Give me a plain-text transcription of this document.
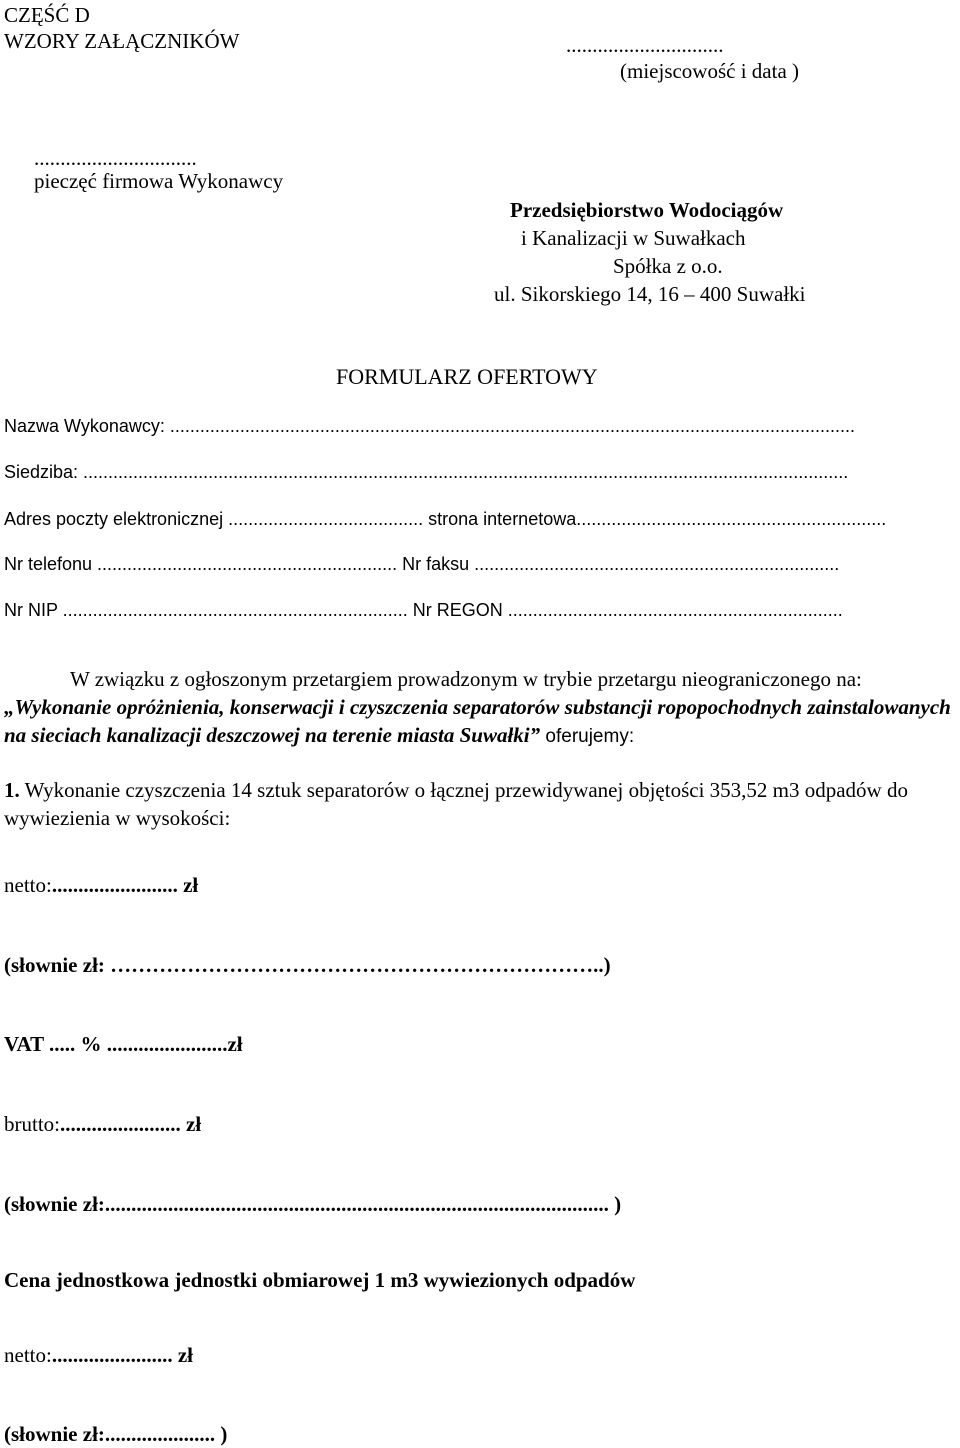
CZĘŚĆ D
WZORY ZAŁĄCZNIKÓW	..............................
(miejscowość i data )
...............................
pieczęć firmowa Wykonawcy
Przedsiębiorstwo Wodociągów
i Kanalizacji w Suwałkach
Spółka z o.o.
ul. Sikorskiego 14, 16 – 400 Suwałki
FORMULARZ OFERTOWY
Nazwa Wykonawcy: .........................................................................................................................................
Siedziba: .........................................................................................................................................................
Adres poczty elektronicznej ....................................... strona internetowa..............................................................
Nr telefonu ............................................................ Nr faksu .........................................................................
Nr NIP ..................................................................... Nr REGON ...................................................................
W związku z ogłoszonym przetargiem prowadzonym w trybie przetargu nieograniczonego na: „Wykonanie opróżnienia, konserwacji i czyszczenia separatorów substancji ropopochodnych zainstalowanych na sieciach kanalizacji deszczowej na terenie miasta Suwałki” oferujemy:
1. Wykonanie czyszczenia 14 sztuk separatorów o łącznej przewidywanej objętości 353,52 m3 odpadów do wywiezienia w wysokości:
netto:........................ zł
(słownie zł: ……………………………………………………………..)
VAT ..... % .......................zł
brutto:....................... zł
(słownie zł:................................................................................................ )
Cena jednostkowa jednostki obmiarowej 1 m3 wywiezionych odpadów
netto:....................... zł
(słownie zł:..................... )
